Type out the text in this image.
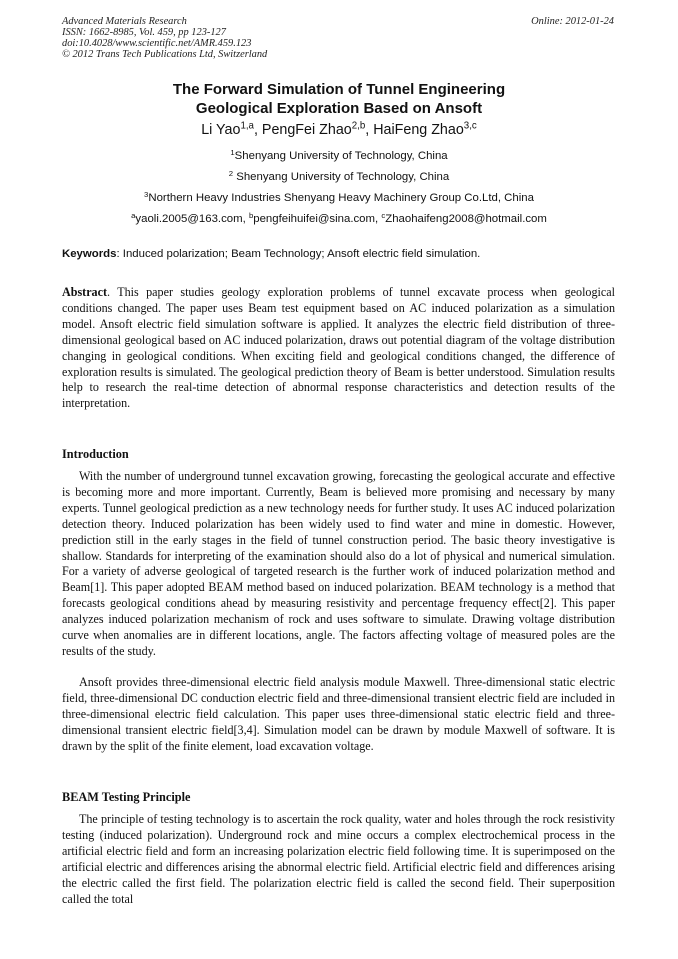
Advanced Materials Research
ISSN: 1662-8985, Vol. 459, pp 123-127
doi:10.4028/www.scientific.net/AMR.459.123
© 2012 Trans Tech Publications Ltd, Switzerland
Online: 2012-01-24
The Forward Simulation of Tunnel Engineering
Geological Exploration Based on Ansoft
Li Yao$^{1,a}$, PengFei Zhao$^{2,b}$, HaiFeng Zhao$^{3,c}$
$^1$Shenyang University of Technology, China
$^2$ Shenyang University of Technology, China
$^3$Northern Heavy Industries Shenyang Heavy Machinery Group Co.Ltd, China
$^a$yaoli.2005@163.com, $^b$pengfeihuifei@sina.com, $^c$Zhaohaifeng2008@hotmail.com
Keywords: Induced polarization; Beam Technology; Ansoft electric field simulation.

Abstract. This paper studies geology exploration problems of tunnel excavate process when geological conditions changed. The paper uses Beam test equipment based on AC induced polarization as a simulation model. Ansoft electric field simulation software is applied. It analyzes the electric field distribution of three-dimensional geological based on AC induced polarization, draws out potential diagram of the voltage distribution changing in geological conditions. When exciting field and geological conditions changed, the difference of exploration results is simulated. The geological prediction theory of Beam is better understood. Simulation results help to research the real-time detection of abnormal response characteristics and detection results of the interpretation.

Introduction

With the number of underground tunnel excavation growing, forecasting the geological accurate and effective is becoming more and more important. Currently, Beam is believed more promising and necessary by many experts. Tunnel geological prediction as a new technology needs for further study. It uses AC induced polarization detection theory. Induced polarization has been widely used to find water and mine in domestic. However, prediction still in the early stages in the field of tunnel construction period. The basic theory investigative is shallow. Standards for interpreting of the examination should also do a lot of physical and numerical simulation. For a variety of adverse geological of targeted research is the further work of induced polarization method and Beam[1]. This paper adopted BEAM method based on induced polarization. BEAM technology is a method that forecasts geological conditions ahead by measuring resistivity and percentage frequency effect[2]. This paper analyzes induced polarization mechanism of rock and uses software to simulate. Drawing voltage distribution curve when anomalies are in different locations, angle. The factors affecting voltage of measured poles are the results of the study.

Ansoft provides three-dimensional electric field analysis module Maxwell. Three-dimensional static electric field, three-dimensional DC conduction electric field and three-dimensional transient electric field are included in three-dimensional electric field calculation. This paper uses three-dimensional static electric field and three-dimensional transient electric field[3,4]. Simulation model can be drawn by module Maxwell of software. It is drawn by the split of the finite element, load excavation voltage.

BEAM Testing Principle

The principle of testing technology is to ascertain the rock quality, water and holes through the rock resistivity testing (induced polarization). Underground rock and mine occurs a complex electrochemical process in the artificial electric field and form an increasing polarization electric field following time. It is superimposed on the artificial electric and differences arising the abnormal electric field. Artificial electric field and differences arising the electric called the first field. The polarization electric field is called the second field. Their superposition called the total
